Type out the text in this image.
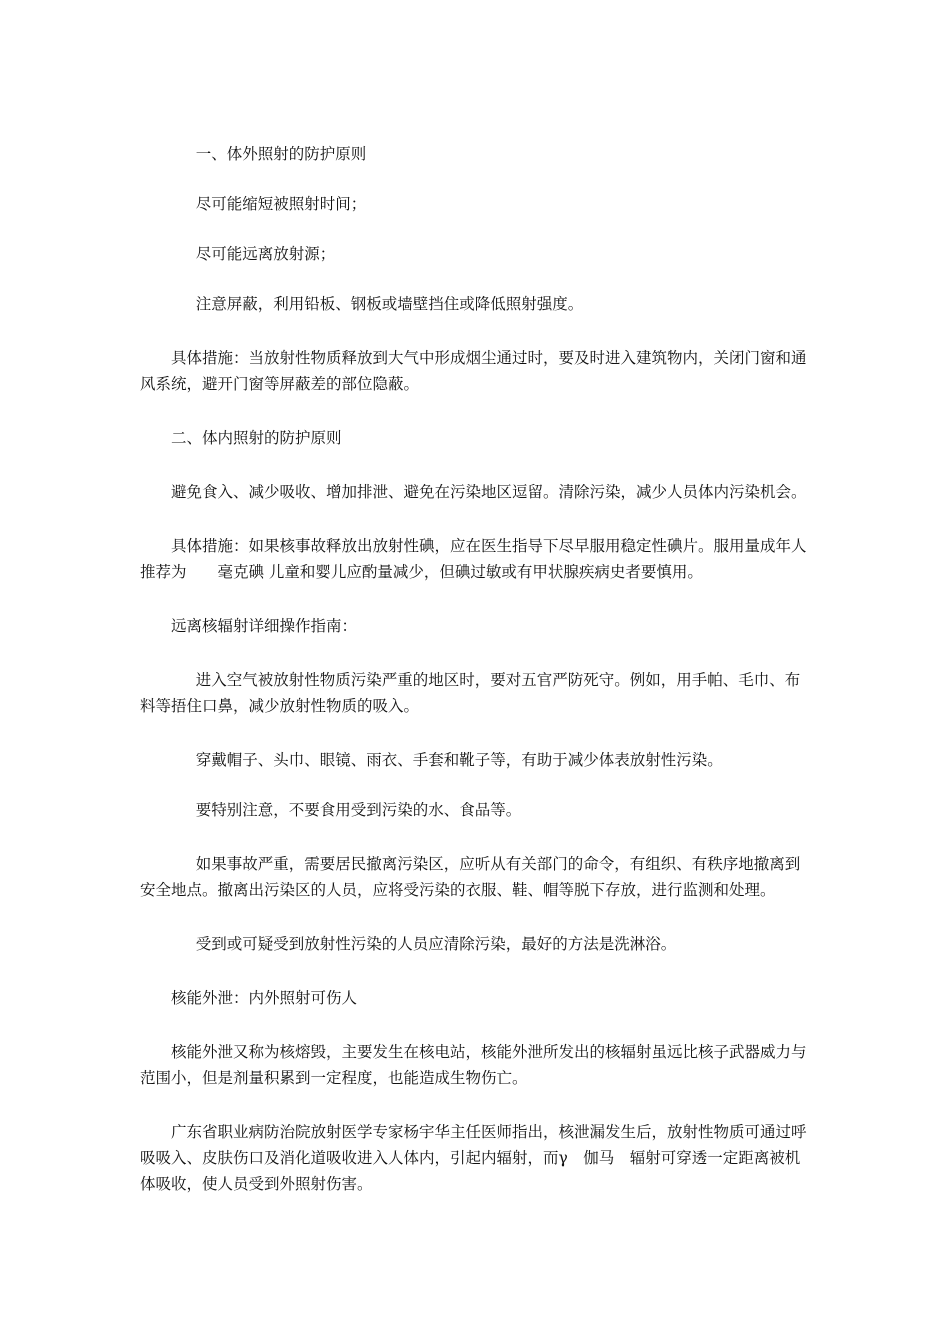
一、体外照射的防护原则

尽可能缩短被照射时间；

尽可能远离放射源；

注意屏蔽，利用铅板、钢板或墙壁挡住或降低照射强度。

具体措施：当放射性物质释放到大气中形成烟尘通过时，要及时进入建筑物内，关闭门窗和通风系统，避开门窗等屏蔽差的部位隐蔽。

二、体内照射的防护原则

避免食入、减少吸收、增加排泄、避免在污染地区逗留。清除污染，减少人员体内污染机会。

具体措施：如果核事故释放出放射性碘，应在医生指导下尽早服用稳定性碘片。服用量成年人推荐为　　毫克碘 儿童和婴儿应酌量减少，但碘过敏或有甲状腺疾病史者要慎用。

远离核辐射详细操作指南：

进入空气被放射性物质污染严重的地区时，要对五官严防死守。例如，用手帕、毛巾、布料等捂住口鼻，减少放射性物质的吸入。

穿戴帽子、头巾、眼镜、雨衣、手套和靴子等，有助于减少体表放射性污染。

要特别注意，不要食用受到污染的水、食品等。

如果事故严重，需要居民撤离污染区，应听从有关部门的命令，有组织、有秩序地撤离到安全地点。撤离出污染区的人员，应将受污染的衣服、鞋、帽等脱下存放，进行监测和处理。

受到或可疑受到放射性污染的人员应清除污染，最好的方法是洗淋浴。

核能外泄：内外照射可伤人

核能外泄又称为核熔毁，主要发生在核电站，核能外泄所发出的核辐射虽远比核子武器威力与范围小，但是剂量积累到一定程度，也能造成生物伤亡。

广东省职业病防治院放射医学专家杨宇华主任医师指出，核泄漏发生后，放射性物质可通过呼吸吸入、皮肤伤口及消化道吸收进入人体内，引起内辐射，而γ　伽马　辐射可穿透一定距离被机体吸收，使人员受到外照射伤害。
